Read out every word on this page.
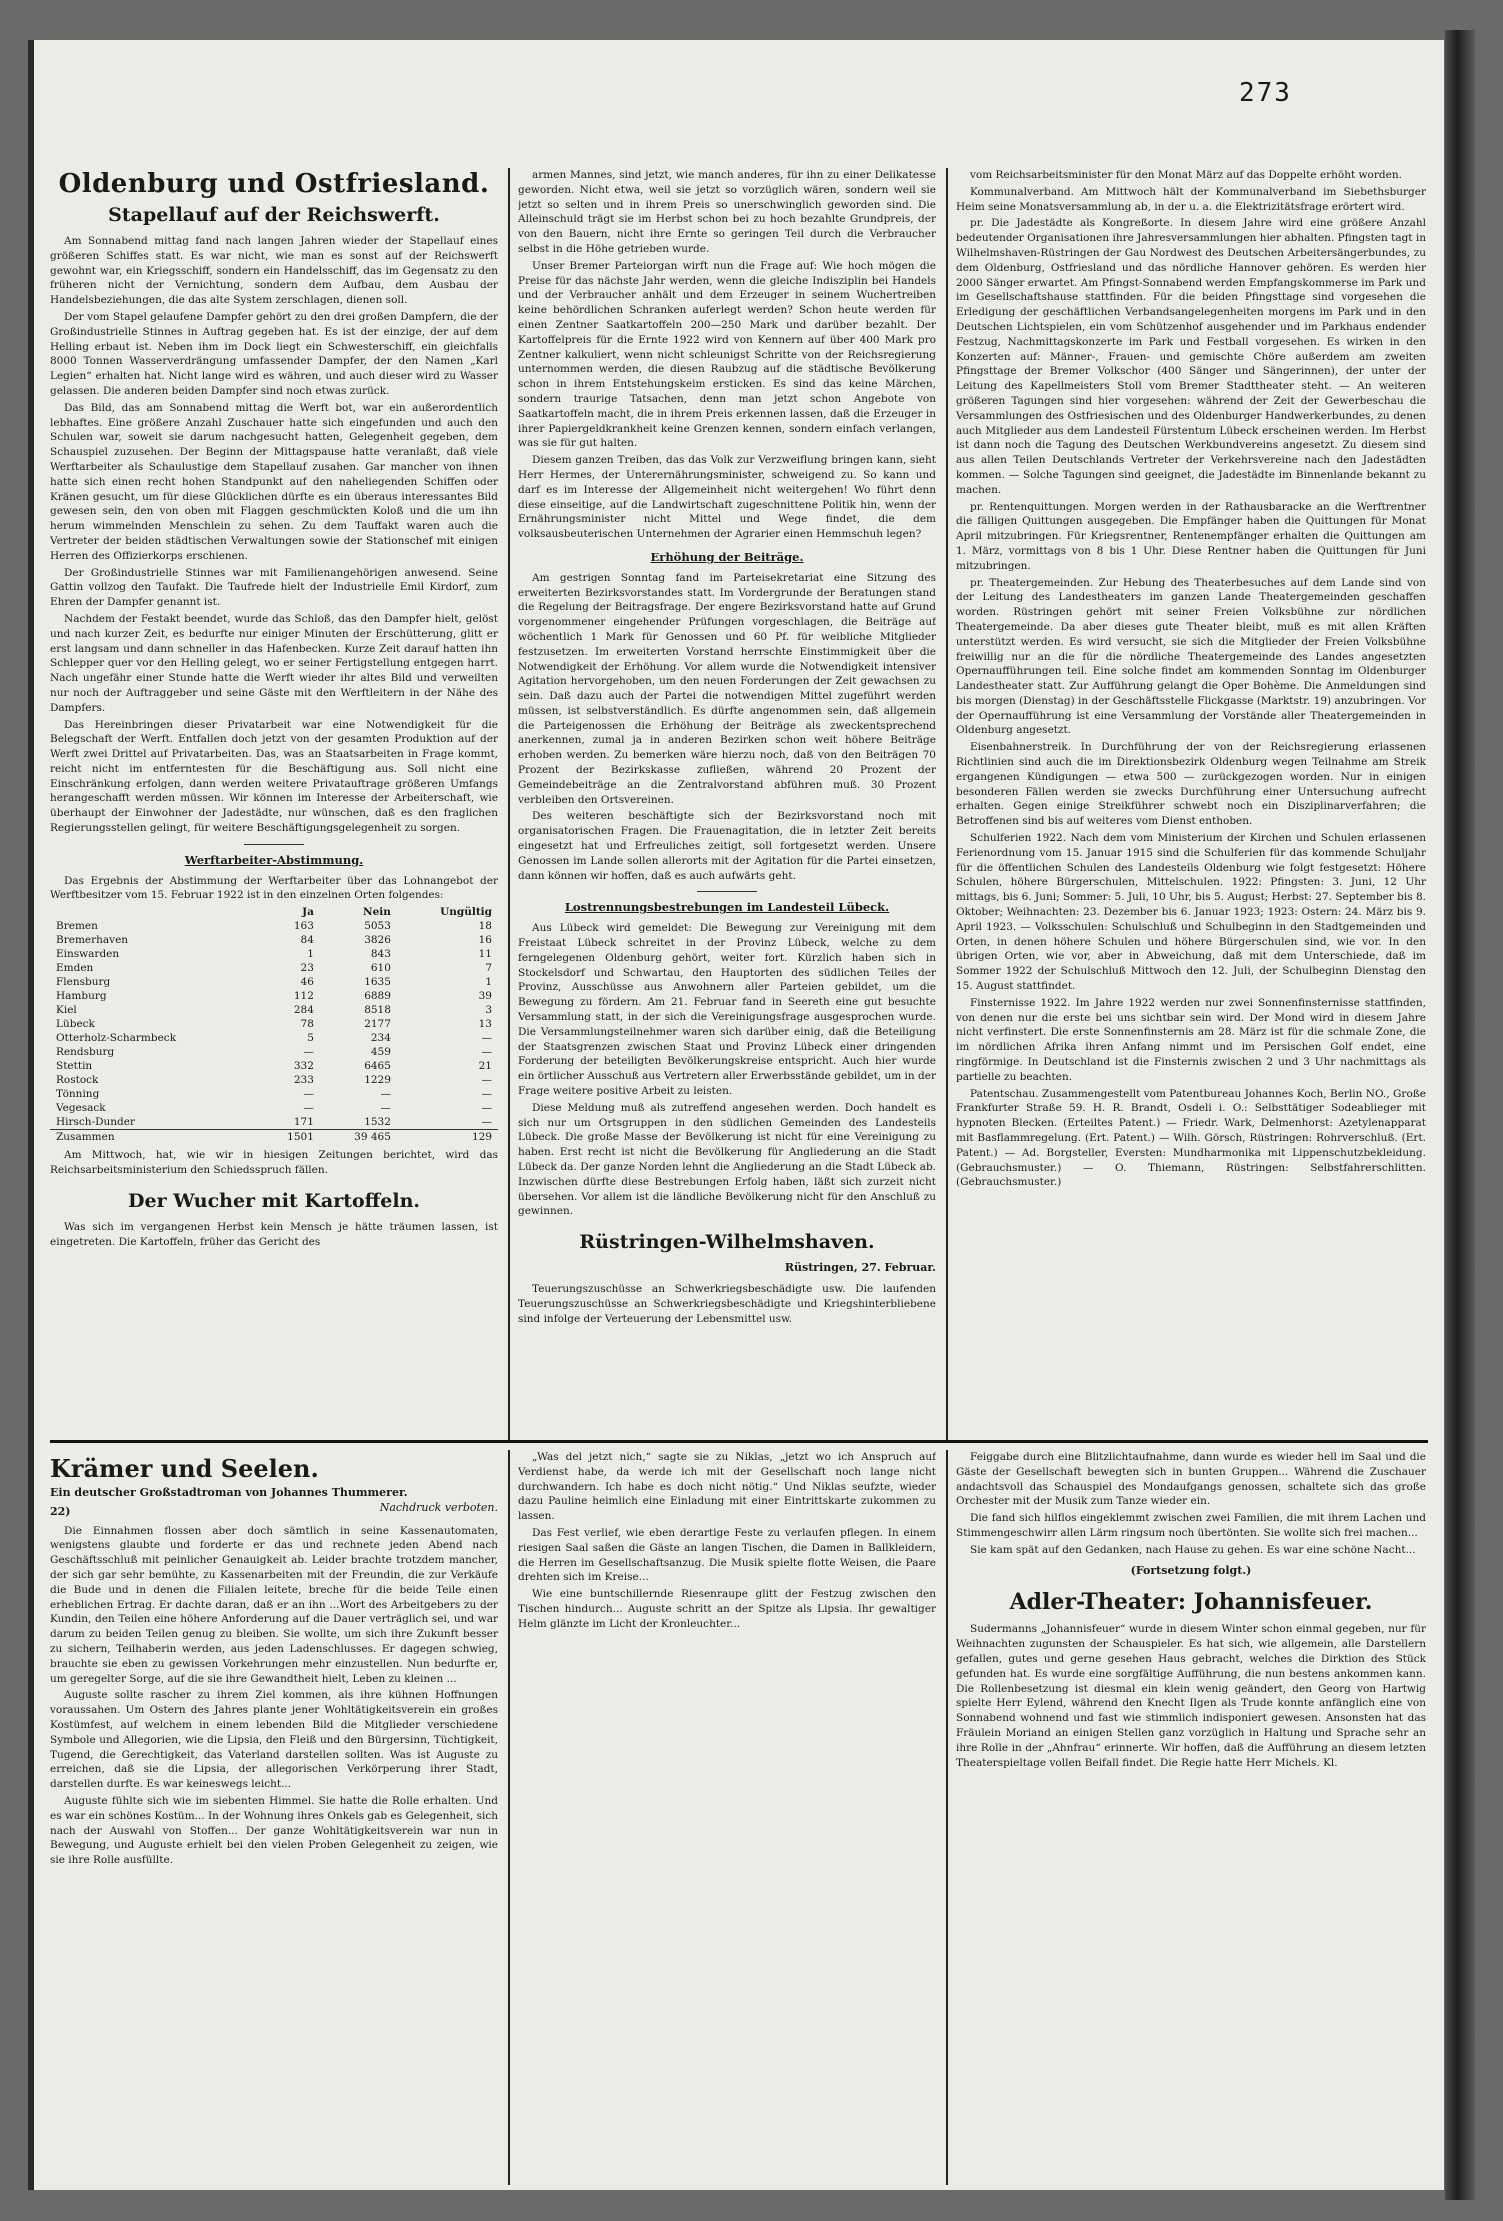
273
Oldenburg und Ostfriesland.
Stapellauf auf der Reichswerft.

Am Sonnabend mittag fand nach langen Jahren wieder der Stapellauf eines größeren Schiffes statt. Es war nicht, wie man es sonst auf der Reichswerft gewohnt war, ein Kriegsschiff, sondern ein Handelsschiff, das im Gegensatz zu den früheren nicht der Vernichtung, sondern dem Aufbau, dem Ausbau der Handelsbeziehungen, die das alte System zerschlagen, dienen soll.

Der vom Stapel gelaufene Dampfer gehört zu den drei großen Dampfern, die der Großindustrielle Stinnes in Auftrag gegeben hat. Es ist der einzige, der auf dem Helling erbaut ist. Neben ihm im Dock liegt ein Schwesterschiff, ein gleichfalls 8000 Tonnen Wasserverdrängung umfassender Dampfer, der den Namen „Karl Legien“ erhalten hat. Nicht lange wird es währen, und auch dieser wird zu Wasser gelassen. Die anderen beiden Dampfer sind noch etwas zurück.

Das Bild, das am Sonnabend mittag die Werft bot, war ein außerordentlich lebhaftes. Eine größere Anzahl Zuschauer hatte sich eingefunden und auch den Schulen war, soweit sie darum nachgesucht hatten, Gelegenheit gegeben, dem Schauspiel zuzusehen. Der Beginn der Mittagspause hatte veranlaßt, daß viele Werftarbeiter als Schaulustige dem Stapellauf zusahen. Gar mancher von ihnen hatte sich einen recht hohen Standpunkt auf den naheliegenden Schiffen oder Kränen gesucht, um für diese Glücklichen dürfte es ein überaus interessantes Bild gewesen sein, den von oben mit Flaggen geschmückten Koloß und die um ihn herum wimmelnden Menschlein zu sehen. Zu dem Tauffakt waren auch die Vertreter der beiden städtischen Verwaltungen sowie der Stationschef mit einigen Herren des Offizierkorps erschienen.

Der Großindustrielle Stinnes war mit Familienangehörigen anwesend. Seine Gattin vollzog den Taufakt. Die Taufrede hielt der Industrielle Emil Kirdorf, zum Ehren der Dampfer genannt ist.

Nachdem der Festakt beendet, wurde das Schloß, das den Dampfer hielt, gelöst und nach kurzer Zeit, es bedurfte nur einiger Minuten der Erschütterung, glitt er erst langsam und dann schneller in das Hafenbecken. Kurze Zeit darauf hatten ihn Schlepper quer vor den Helling gelegt, wo er seiner Fertigstellung entgegen harrt. Nach ungefähr einer Stunde hatte die Werft wieder ihr altes Bild und verweilten nur noch der Auftraggeber und seine Gäste mit den Werftleitern in der Nähe des Dampfers.

Das Hereinbringen dieser Privatarbeit war eine Notwendigkeit für die Belegschaft der Werft. Entfallen doch jetzt von der gesamten Produktion auf der Werft zwei Drittel auf Privatarbeiten. Das, was an Staatsarbeiten in Frage kommt, reicht nicht im entferntesten für die Beschäftigung aus. Soll nicht eine Einschränkung erfolgen, dann werden weitere Privatauftrage größeren Umfangs herangeschafft werden müssen. Wir können im Interesse der Arbeiterschaft, wie überhaupt der Einwohner der Jadestädte, nur wünschen, daß es den fraglichen Regierungsstellen gelingt, für weitere Beschäftigungsgelegenheit zu sorgen.

Werftarbeiter-Abstimmung.

Das Ergebnis der Abstimmung der Werftarbeiter über das Lohnangebot der Werftbesitzer vom 15. Februar 1922 ist in den einzelnen Orten folgendes:

	Ja	Nein	Ungültig
Bremen	163	5053	18
Bremerhaven	84	3826	16
Einswarden	1	843	11
Emden	23	610	7
Flensburg	46	1635	1
Hamburg	112	6889	39
Kiel	284	8518	3
Lübeck	78	2177	13
Otterholz-Scharmbeck	5	234	—
Rendsburg	—	459	—
Stettin	332	6465	21
Rostock	233	1229	—
Tönning	—	—	—
Vegesack	—	—	—
Hirsch-Dunder	171	1532	—
Zusammen	1501	39 465	129

Am Mittwoch, hat, wie wir in hiesigen Zeitungen berichtet, wird das Reichsarbeitsministerium den Schiedsspruch fällen.

Der Wucher mit Kartoffeln.

Was sich im vergangenen Herbst kein Mensch je hätte träumen lassen, ist eingetreten. Die Kartoffeln, früher das Gericht des

armen Mannes, sind jetzt, wie manch anderes, für ihn zu einer Delikatesse geworden. Nicht etwa, weil sie jetzt so vorzüglich wären, sondern weil sie jetzt so selten und in ihrem Preis so unerschwinglich geworden sind. Die Alleinschuld trägt sie im Herbst schon bei zu hoch bezahlte Grundpreis, der von den Bauern, nicht ihre Ernte so geringen Teil durch die Verbraucher selbst in die Höhe getrieben wurde.

Unser Bremer Parteiorgan wirft nun die Frage auf: Wie hoch mögen die Preise für das nächste Jahr werden, wenn die gleiche Indisziplin bei Handels und der Verbraucher anhält und dem Erzeuger in seinem Wuchertreiben keine behördlichen Schranken auferlegt werden? Schon heute werden für einen Zentner Saatkartoffeln 200—250 Mark und darüber bezahlt. Der Kartoffelpreis für die Ernte 1922 wird von Kennern auf über 400 Mark pro Zentner kalkuliert, wenn nicht schleunigst Schritte von der Reichsregierung unternommen werden, die diesen Raubzug auf die städtische Bevölkerung schon in ihrem Entstehungskeim ersticken. Es sind das keine Märchen, sondern traurige Tatsachen, denn man jetzt schon Angebote von Saatkartoffeln macht, die in ihrem Preis erkennen lassen, daß die Erzeuger in ihrer Papiergeldkrankheit keine Grenzen kennen, sondern einfach verlangen, was sie für gut halten.

Diesem ganzen Treiben, das das Volk zur Verzweiflung bringen kann, sieht Herr Hermes, der Unterernährungsminister, schweigend zu. So kann und darf es im Interesse der Allgemeinheit nicht weitergehen! Wo führt denn diese einseitige, auf die Landwirtschaft zugeschnittene Politik hin, wenn der Ernährungsminister nicht Mittel und Wege findet, die dem volksausbeuterischen Unternehmen der Agrarier einen Hemmschuh legen?

Erhöhung der Beiträge.

Am gestrigen Sonntag fand im Parteisekretariat eine Sitzung des erweiterten Bezirksvorstandes statt. Im Vordergrunde der Beratungen stand die Regelung der Beitragsfrage. Der engere Bezirksvorstand hatte auf Grund vorgenommener eingehender Prüfungen vorgeschlagen, die Beiträge auf wöchentlich 1 Mark für Genossen und 60 Pf. für weibliche Mitglieder festzusetzen. Im erweiterten Vorstand herrschte Einstimmigkeit über die Notwendigkeit der Erhöhung. Vor allem wurde die Notwendigkeit intensiver Agitation hervorgehoben, um den neuen Forderungen der Zeit gewachsen zu sein. Daß dazu auch der Partei die notwendigen Mittel zugeführt werden müssen, ist selbstverständlich. Es dürfte angenommen sein, daß allgemein die Parteigenossen die Erhöhung der Beiträge als zweckentsprechend anerkennen, zumal ja in anderen Bezirken schon weit höhere Beiträge erhoben werden. Zu bemerken wäre hierzu noch, daß von den Beiträgen 70 Prozent der Bezirkskasse zufließen, während 20 Prozent der Gemeindebeiträge an die Zentralvorstand abführen muß. 30 Prozent verbleiben den Ortsvereinen.

Des weiteren beschäftigte sich der Bezirksvorstand noch mit organisatorischen Fragen. Die Frauenagitation, die in letzter Zeit bereits eingesetzt hat und Erfreuliches zeitigt, soll fortgesetzt werden. Unsere Genossen im Lande sollen allerorts mit der Agitation für die Partei einsetzen, dann können wir hoffen, daß es auch aufwärts geht.

Lostrennungsbestrebungen im Landesteil Lübeck.

Aus Lübeck wird gemeldet: Die Bewegung zur Vereinigung mit dem Freistaat Lübeck schreitet in der Provinz Lübeck, welche zu dem ferngelegenen Oldenburg gehört, weiter fort. Kürzlich haben sich in Stockelsdorf und Schwartau, den Hauptorten des südlichen Teiles der Provinz, Ausschüsse aus Anwohnern aller Parteien gebildet, um die Bewegung zu fördern. Am 21. Februar fand in Seereth eine gut besuchte Versammlung statt, in der sich die Vereinigungsfrage ausgesprochen wurde. Die Versammlungsteilnehmer waren sich darüber einig, daß die Beteiligung der Staatsgrenzen zwischen Staat und Provinz Lübeck einer dringenden Forderung der beteiligten Bevölkerungskreise entspricht. Auch hier wurde ein örtlicher Ausschuß aus Vertretern aller Erwerbsstände gebildet, um in der Frage weitere positive Arbeit zu leisten.

Diese Meldung muß als zutreffend angesehen werden. Doch handelt es sich nur um Ortsgruppen in den südlichen Gemeinden des Landesteils Lübeck. Die große Masse der Bevölkerung ist nicht für eine Vereinigung zu haben. Erst recht ist nicht die Bevölkerung für Angliederung an die Stadt Lübeck da. Der ganze Norden lehnt die Angliederung an die Stadt Lübeck ab. Inzwischen dürfte diese Bestrebungen Erfolg haben, läßt sich zurzeit nicht übersehen. Vor allem ist die ländliche Bevölkerung nicht für den Anschluß zu gewinnen.

Rüstringen-Wilhelmshaven.
Rüstringen, 27. Februar.

Teuerungszuschüsse an Schwerkriegsbeschädigte usw. Die laufenden Teuerungszuschüsse an Schwerkriegsbeschädigte und Kriegshinterbliebene sind infolge der Verteuerung der Lebensmittel usw.

vom Reichsarbeitsminister für den Monat März auf das Doppelte erhöht worden.

Kommunalverband. Am Mittwoch hält der Kommunalverband im Siebethsburger Heim seine Monatsversammlung ab, in der u. a. die Elektrizitätsfrage erörtert wird.

pr. Die Jadestädte als Kongreßorte. In diesem Jahre wird eine größere Anzahl bedeutender Organisationen ihre Jahresversammlungen hier abhalten. Pfingsten tagt in Wilhelmshaven-Rüstringen der Gau Nordwest des Deutschen Arbeitersängerbundes, zu dem Oldenburg, Ostfriesland und das nördliche Hannover gehören. Es werden hier 2000 Sänger erwartet. Am Pfingst-Sonnabend werden Empfangskommerse im Park und im Gesellschaftshause stattfinden. Für die beiden Pfingsttage sind vorgesehen die Erledigung der geschäftlichen Verbandsangelegenheiten morgens im Park und in den Deutschen Lichtspielen, ein vom Schützenhof ausgehender und im Parkhaus endender Festzug, Nachmittagskonzerte im Park und Festball vorgesehen. Es wirken in den Konzerten auf: Männer-, Frauen- und gemischte Chöre außerdem am zweiten Pfingsttage der Bremer Volkschor (400 Sänger und Sängerinnen), der unter der Leitung des Kapellmeisters Stoll vom Bremer Stadttheater steht. — An weiteren größeren Tagungen sind hier vorgesehen: während der Zeit der Gewerbeschau die Versammlungen des Ostfriesischen und des Oldenburger Handwerkerbundes, zu denen auch Mitglieder aus dem Landesteil Fürstentum Lübeck erscheinen werden. Im Herbst ist dann noch die Tagung des Deutschen Werkbundvereins angesetzt. Zu diesem sind aus allen Teilen Deutschlands Vertreter der Verkehrsvereine nach den Jadestädten kommen. — Solche Tagungen sind geeignet, die Jadestädte im Binnenlande bekannt zu machen.

pr. Rentenquittungen. Morgen werden in der Rathausbaracke an die Werftrentner die fälligen Quittungen ausgegeben. Die Empfänger haben die Quittungen für Monat April mitzubringen. Für Kriegsrentner, Rentenempfänger erhalten die Quittungen am 1. März, vormittags von 8 bis 1 Uhr. Diese Rentner haben die Quittungen für Juni mitzubringen.

pr. Theatergemeinden. Zur Hebung des Theaterbesuches auf dem Lande sind von der Leitung des Landestheaters im ganzen Lande Theatergemeinden geschaffen worden. Rüstringen gehört mit seiner Freien Volksbühne zur nördlichen Theatergemeinde. Da aber dieses gute Theater bleibt, muß es mit allen Kräften unterstützt werden. Es wird versucht, sie sich die Mitglieder der Freien Volksbühne freiwillig nur an die für die nördliche Theatergemeinde des Landes angesetzten Opernaufführungen teil. Eine solche findet am kommenden Sonntag im Oldenburger Landestheater statt. Zur Aufführung gelangt die Oper Bohème. Die Anmeldungen sind bis morgen (Dienstag) in der Geschäftsstelle Flickgasse (Marktstr. 19) anzubringen. Vor der Opernaufführung ist eine Versammlung der Vorstände aller Theatergemeinden in Oldenburg angesetzt.

Eisenbahnerstreik. In Durchführung der von der Reichsregierung erlassenen Richtlinien sind auch die im Direktionsbezirk Oldenburg wegen Teilnahme am Streik ergangenen Kündigungen — etwa 500 — zurückgezogen worden. Nur in einigen besonderen Fällen werden sie zwecks Durchführung einer Untersuchung aufrecht erhalten. Gegen einige Streikführer schwebt noch ein Disziplinarverfahren; die Betroffenen sind bis auf weiteres vom Dienst enthoben.

Schulferien 1922. Nach dem vom Ministerium der Kirchen und Schulen erlassenen Ferienordnung vom 15. Januar 1915 sind die Schulferien für das kommende Schuljahr für die öffentlichen Schulen des Landesteils Oldenburg wie folgt festgesetzt: Höhere Schulen, höhere Bürgerschulen, Mittelschulen. 1922: Pfingsten: 3. Juni, 12 Uhr mittags, bis 6. Juni; Sommer: 5. Juli, 10 Uhr, bis 5. August; Herbst: 27. September bis 8. Oktober; Weihnachten: 23. Dezember bis 6. Januar 1923; 1923: Ostern: 24. März bis 9. April 1923. — Volksschulen: Schulschluß und Schulbeginn in den Stadtgemeinden und Orten, in denen höhere Schulen und höhere Bürgerschulen sind, wie vor. In den übrigen Orten, wie vor, aber in Abweichung, daß mit dem Unterschiede, daß im Sommer 1922 der Schulschluß Mittwoch den 12. Juli, der Schulbeginn Dienstag den 15. August stattfindet.

Finsternisse 1922. Im Jahre 1922 werden nur zwei Sonnenfinsternisse stattfinden, von denen nur die erste bei uns sichtbar sein wird. Der Mond wird in diesem Jahre nicht verfinstert. Die erste Sonnenfinsternis am 28. März ist für die schmale Zone, die im nördlichen Afrika ihren Anfang nimmt und im Persischen Golf endet, eine ringförmige. In Deutschland ist die Finsternis zwischen 2 und 3 Uhr nachmittags als partielle zu beachten.

Patentschau. Zusammengestellt vom Patentbureau Johannes Koch, Berlin NO., Große Frankfurter Straße 59. H. R. Brandt, Osdeli i. O.: Selbsttätiger Sodeablieger mit hypnoten Blecken. (Erteiltes Patent.) — Friedr. Wark, Delmenhorst: Azetylenapparat mit Basflammregelung. (Ert. Patent.) — Wilh. Görsch, Rüstringen: Rohrverschluß. (Ert. Patent.) — Ad. Borgsteller, Eversten: Mundharmonika mit Lippenschutzbekleidung. (Gebrauchsmuster.) — O. Thiemann, Rüstringen: Selbstfahrerschlitten. (Gebrauchsmuster.)

Krämer und Seelen.
Ein deutscher Großstadtroman von Johannes Thummerer.
Nachdruck verboten.
22)

Die Einnahmen flossen aber doch sämtlich in seine Kassenautomaten, wenigstens glaubte und forderte er das und rechnete jeden Abend nach Geschäftsschluß mit peinlicher Genauigkeit ab. Leider brachte trotzdem mancher, der sich gar sehr bemühte, zu Kassenarbeiten mit der Freundin, die zur Verkäufe die Bude und in denen die Filialen leitete, breche für die beide Teile einen erheblichen Ertrag. Er dachte daran, daß er an ihn ...Wort des Arbeitgebers zu der Kundin, den Teilen eine höhere Anforderung auf die Dauer verträglich sei, und war darum zu beiden Teilen genug zu bleiben. Sie wollte, um sich ihre Zukunft besser zu sichern, Teilhaberin werden, aus jeden Ladenschlusses. Er dagegen schwieg, brauchte sie eben zu gewissen Vorkehrungen mehr einzustellen. Nun bedurfte er, um geregelter Sorge, auf die sie ihre Gewandtheit hielt, Leben zu kleinen ...

Auguste sollte rascher zu ihrem Ziel kommen, als ihre kühnen Hoffnungen voraussahen. Um Ostern des Jahres plante jener Wohltätigkeitsverein ein großes Kostümfest, auf welchem in einem lebenden Bild die Mitglieder verschiedene Symbole und Allegorien, wie die Lipsia, den Fleiß und den Bürgersinn, Tüchtigkeit, Tugend, die Gerechtigkeit, das Vaterland darstellen sollten. Was ist Auguste zu erreichen, daß sie die Lipsia, der allegorischen Verkörperung ihrer Stadt, darstellen durfte. Es war keineswegs leicht...

Auguste fühlte sich wie im siebenten Himmel. Sie hatte die Rolle erhalten. Und es war ein schönes Kostüm... In der Wohnung ihres Onkels gab es Gelegenheit, sich nach der Auswahl von Stoffen... Der ganze Wohltätigkeitsverein war nun in Bewegung, und Auguste erhielt bei den vielen Proben Gelegenheit zu zeigen, wie sie ihre Rolle ausfüllte.

„Was del jetzt nich,“ sagte sie zu Niklas, „jetzt wo ich Anspruch auf Verdienst habe, da werde ich mit der Gesellschaft noch lange nicht durchwandern. Ich habe es doch nicht nötig.“ Und Niklas seufzte, wieder dazu Pauline heimlich eine Einladung mit einer Eintrittskarte zukommen zu lassen.

Das Fest verlief, wie eben derartige Feste zu verlaufen pflegen. In einem riesigen Saal saßen die Gäste an langen Tischen, die Damen in Ballkleidern, die Herren im Gesellschaftsanzug. Die Musik spielte flotte Weisen, die Paare drehten sich im Kreise...

Wie eine buntschillernde Riesenraupe glitt der Festzug zwischen den Tischen hindurch... Auguste schritt an der Spitze als Lipsia. Ihr gewaltiger Helm glänzte im Licht der Kronleuchter...

Feiggabe durch eine Blitzlichtaufnahme, dann wurde es wieder hell im Saal und die Gäste der Gesellschaft bewegten sich in bunten Gruppen... Während die Zuschauer andachtsvoll das Schauspiel des Mondaufgangs genossen, schaltete sich das große Orchester mit der Musik zum Tanze wieder ein.

Die fand sich hilflos eingeklemmt zwischen zwei Familien, die mit ihrem Lachen und Stimmengeschwirr allen Lärm ringsum noch übertönten. Sie wollte sich frei machen...

Sie kam spät auf den Gedanken, nach Hause zu gehen. Es war eine schöne Nacht...

(Fortsetzung folgt.)
Adler-Theater: Johannisfeuer.

Sudermanns „Johannisfeuer“ wurde in diesem Winter schon einmal gegeben, nur für Weihnachten zugunsten der Schauspieler. Es hat sich, wie allgemein, alle Darstellern gefallen, gutes und gerne gesehen Haus gebracht, welches die Dirktion des Stück gefunden hat. Es wurde eine sorgfältige Aufführung, die nun bestens ankommen kann. Die Rollenbesetzung ist diesmal ein klein wenig geändert, den Georg von Hartwig spielte Herr Eylend, während den Knecht Ilgen als Trude konnte anfänglich eine von Sonnabend wohnend und fast wie stimmlich indisponiert gewesen. Ansonsten hat das Fräulein Moriand an einigen Stellen ganz vorzüglich in Haltung und Sprache sehr an ihre Rolle in der „Ahnfrau“ erinnerte. Wir hoffen, daß die Aufführung an diesem letzten Theaterspieltage vollen Beifall findet. Die Regie hatte Herr Michels. Kl.
